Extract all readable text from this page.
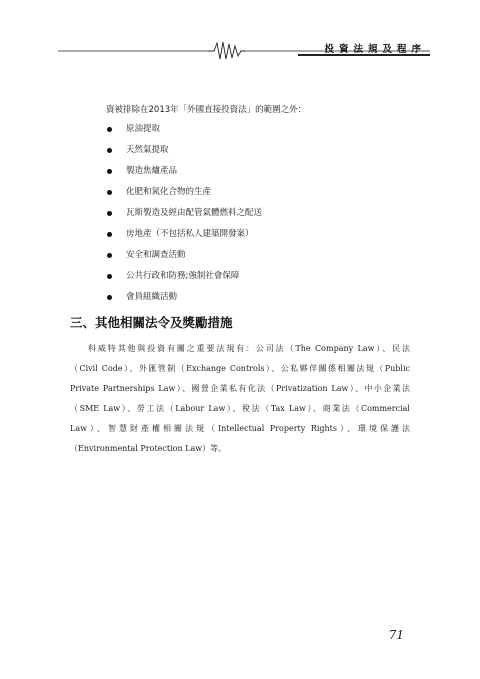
投資法規及程序
資被排除在2013年「外國直接投資法」的範圍之外：
原油提取
天然氣提取
製造焦爐產品
化肥和氮化合物的生產
瓦斯製造及經由配管氣體燃料之配送
房地產（不包括私人建築開發案）
安全和調查活動
公共行政和防務;強制社會保障
會員組織活動
三、其他相關法令及獎勵措施
科威特其他與投資有關之重要法規有：公司法（The Company Law）、民法
（Civil Code）、外匯管制（Exchange Controls）、公私夥伴關係相關法規（Public
Private Partnerships Law）、國營企業私有化法（Privatization Law）、中小企業法
（SME Law）、勞工法（Labour Law）、稅法（Tax Law）、商業法（Commercial
Law）、智慧財產權相關法規（Intellectual Property Rights）、環境保護法
（Environmental Protection Law）等。
71
